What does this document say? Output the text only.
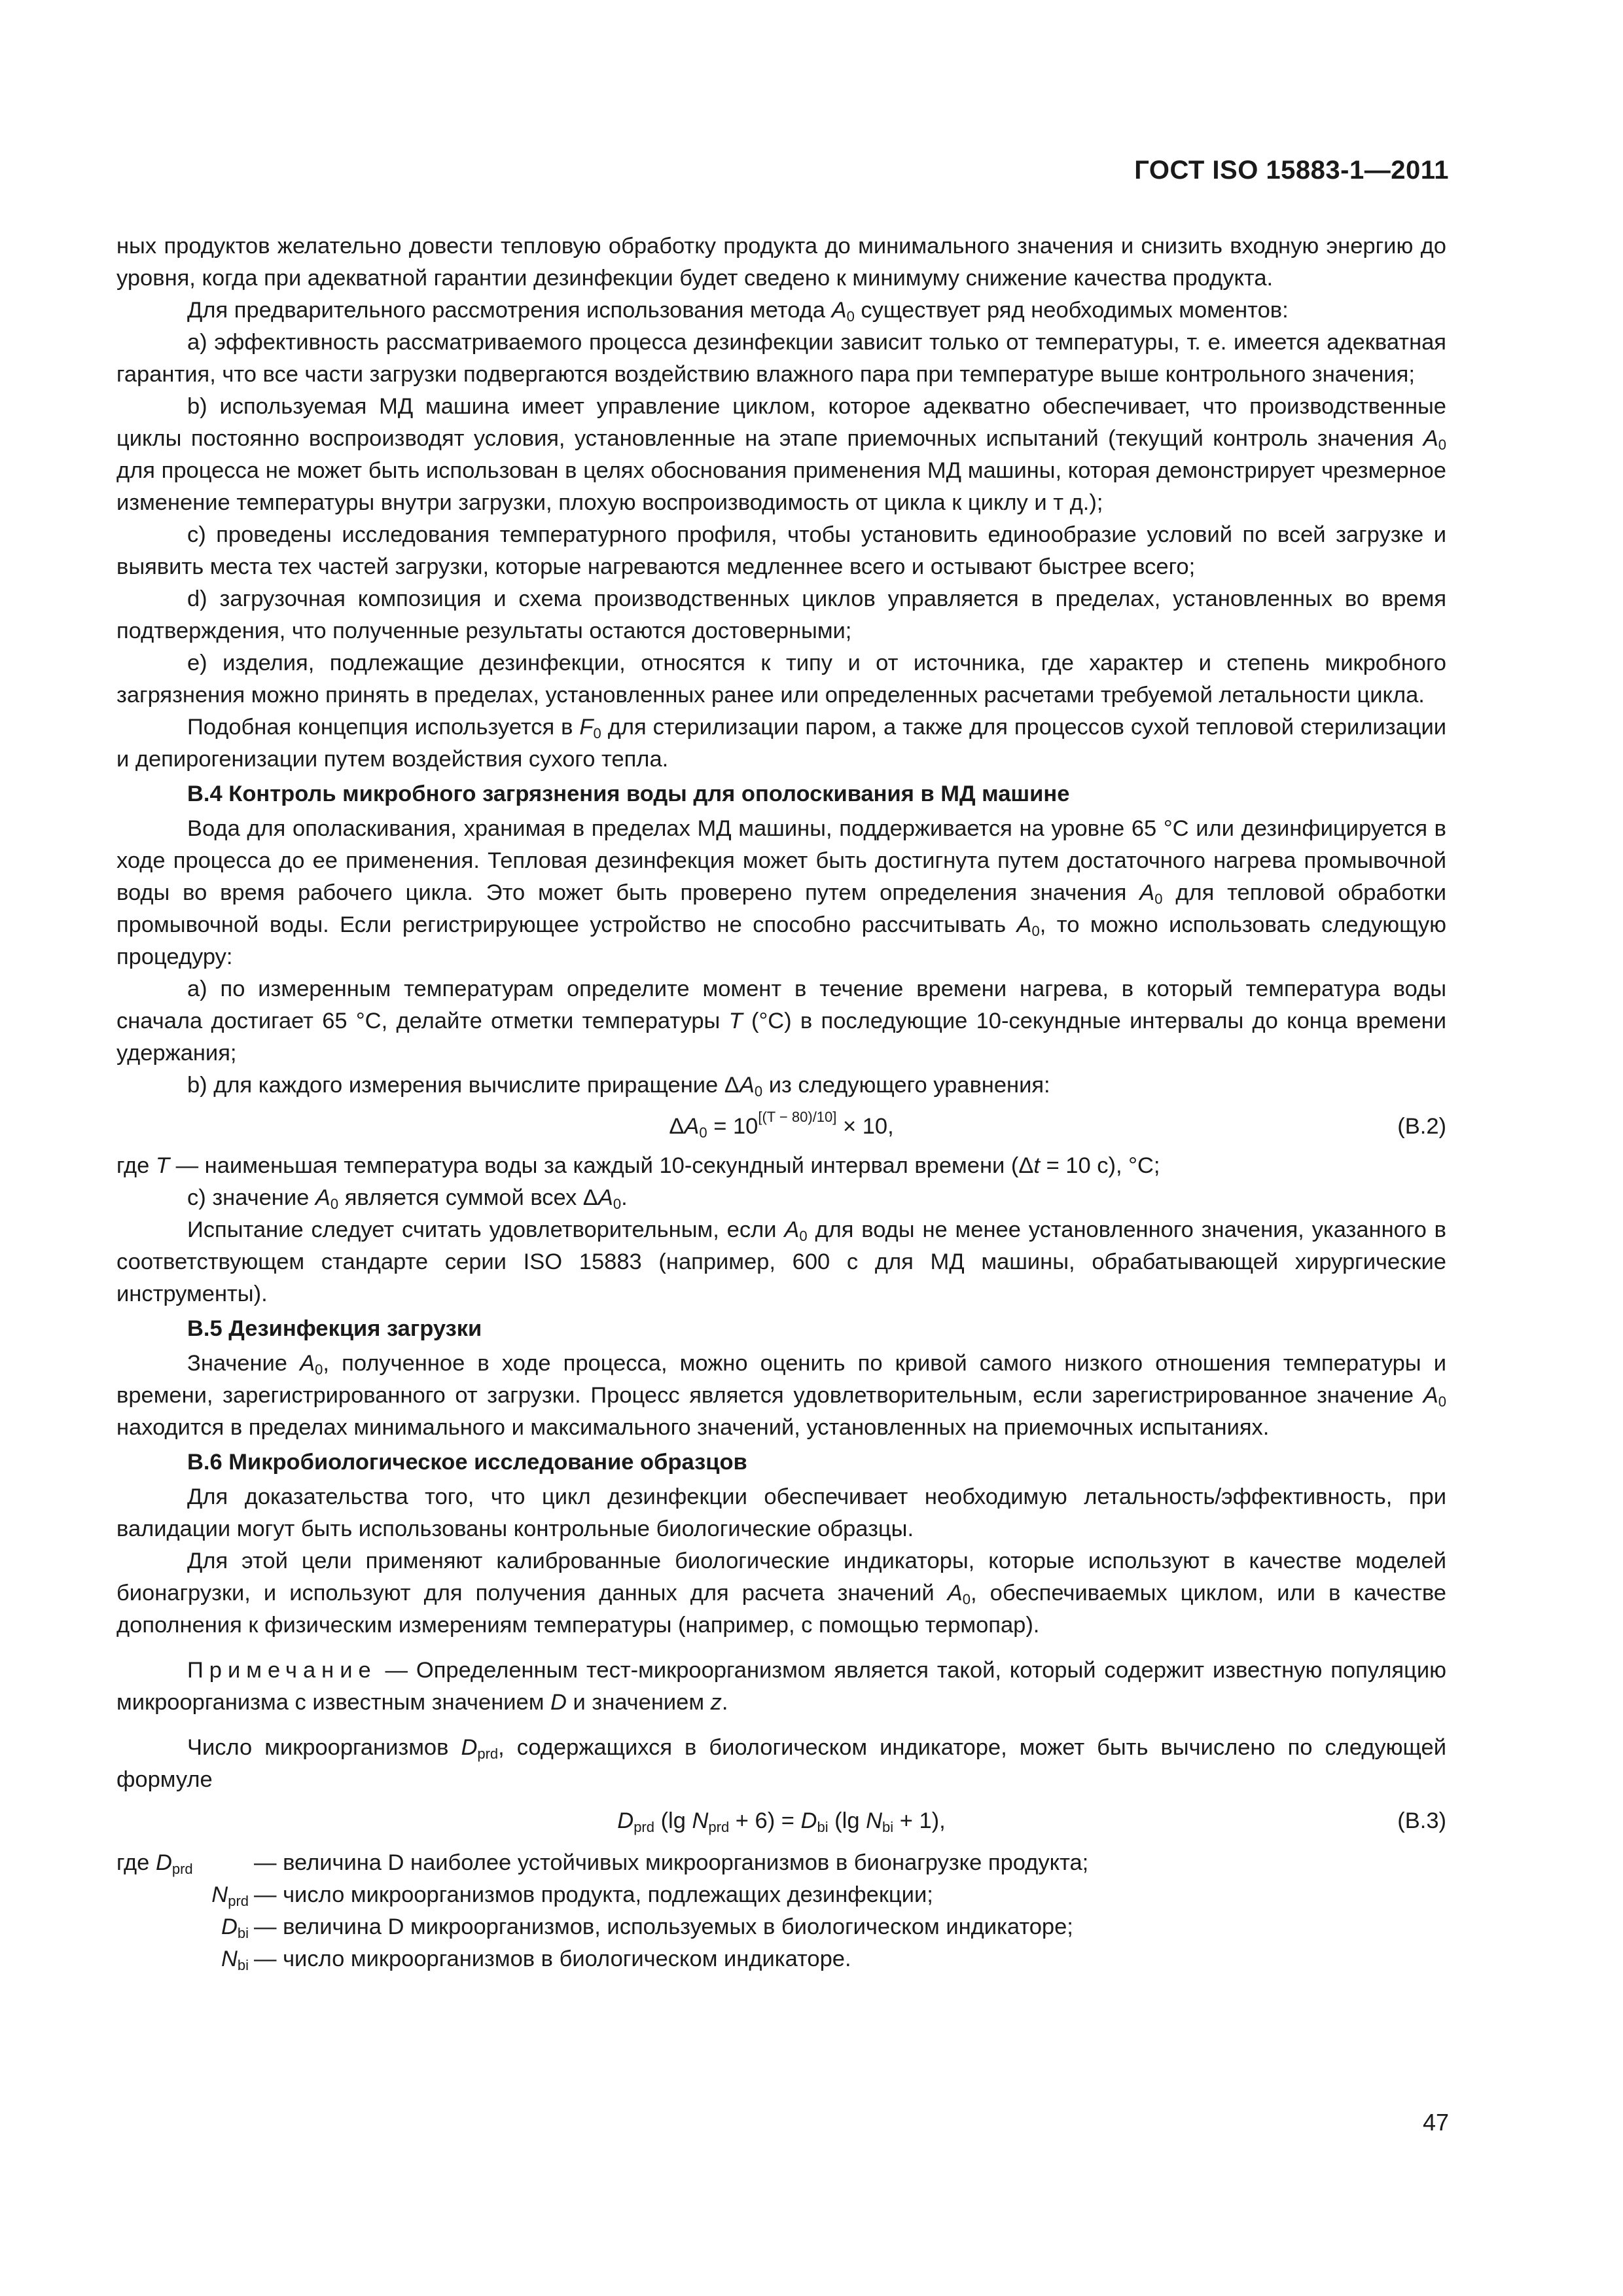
ГОСТ ISO 15883-1—2011

ных продуктов желательно довести тепловую обработку продукта до минимального значения и снизить входную энергию до уровня, когда при адекватной гарантии дезинфекции будет сведено к минимуму снижение качества продукта.

Для предварительного рассмотрения использования метода $A_0$ существует ряд необходимых моментов:

a) эффективность рассматриваемого процесса дезинфекции зависит только от температуры, т. е. имеется адекватная гарантия, что все части загрузки подвергаются воздействию влажного пара при температуре выше контрольного значения;

b) используемая МД машина имеет управление циклом, которое адекватно обеспечивает, что производственные циклы постоянно воспроизводят условия, установленные на этапе приемочных испытаний (текущий контроль значения $A_0$ для процесса не может быть использован в целях обоснования применения МД машины, которая демонстрирует чрезмерное изменение температуры внутри загрузки, плохую воспроизводимость от цикла к циклу и т д.);

c) проведены исследования температурного профиля, чтобы установить единообразие условий по всей загрузке и выявить места тех частей загрузки, которые нагреваются медленнее всего и остывают быстрее всего;

d) загрузочная композиция и схема производственных циклов управляется в пределах, установленных во время подтверждения, что полученные результаты остаются достоверными;

e) изделия, подлежащие дезинфекции, относятся к типу и от источника, где характер и степень микробного загрязнения можно принять в пределах, установленных ранее или определенных расчетами требуемой летальности цикла.

Подобная концепция используется в $F_0$ для стерилизации паром, а также для процессов сухой тепловой стерилизации и депирогенизации путем воздействия сухого тепла.

B.4 Контроль микробного загрязнения воды для ополоскивания в МД машине

Вода для ополаскивания, хранимая в пределах МД машины, поддерживается на уровне 65 °С или дезинфицируется в ходе процесса до ее применения. Тепловая дезинфекция может быть достигнута путем достаточного нагрева промывочной воды во время рабочего цикла. Это может быть проверено путем определения значения $A_0$ для тепловой обработки промывочной воды. Если регистрирующее устройство не способно рассчитывать $A_0$, то можно использовать следующую процедуру:

a) по измеренным температурам определите момент в течение времени нагрева, в который температура воды сначала достигает 65 °С, делайте отметки температуры T (°С) в последующие 10-секундные интервалы до конца времени удержания;

b) для каждого измерения вычислите приращение $\Delta A_0$ из следующего уравнения:

$\Delta A_0 = 10[(T - 80)/10] \times 10$,	(B.2)

где T — наименьшая температура воды за каждый 10-секундный интервал времени (Δt = 10 с), °С;

c) значение $A_0$ является суммой всех $\Delta A_0$.

Испытание следует считать удовлетворительным, если $A_0$ для воды не менее установленного значения, указанного в соответствующем стандарте серии ISO 15883 (например, 600 с для МД машины, обрабатывающей хирургические инструменты).

B.5 Дезинфекция загрузки

Значение $A_0$, полученное в ходе процесса, можно оценить по кривой самого низкого отношения температуры и времени, зарегистрированного от загрузки. Процесс является удовлетворительным, если зарегистрированное значение $A_0$ находится в пределах минимального и максимального значений, установленных на приемочных испытаниях.

B.6 Микробиологическое исследование образцов

Для доказательства того, что цикл дезинфекции обеспечивает необходимую летальность/эффективность, при валидации могут быть использованы контрольные биологические образцы.

Для этой цели применяют калиброванные биологические индикаторы, которые используют в качестве моделей бионагрузки, и используют для получения данных для расчета значений $A_0$, обеспечиваемых циклом, или в качестве дополнения к физическим измерениям температуры (например, с помощью термопар).

Примечание — Определенным тест-микроорганизмом является такой, который содержит известную популяцию микроорганизма с известным значением D и значением z.

Число микроорганизмов $D_{prd}$, содержащихся в биологическом индикаторе, может быть вычислено по следующей формуле

$D_{prd}$ (lg $N_{prd} + 6) = D_{bi}$ (lg $N_{bi} + 1$),	(B.3)
где $D_{prd}$	— величина D наиболее устойчивых микроорганизмов в бионагрузке продукта;
$N_{prd}$ — число микроорганизмов продукта, подлежащих дезинфекции;
$D_{bi}$ — величина D микроорганизмов, используемых в биологическом индикаторе;
$N_{bi}$ — число микроорганизмов в биологическом индикаторе.
47
